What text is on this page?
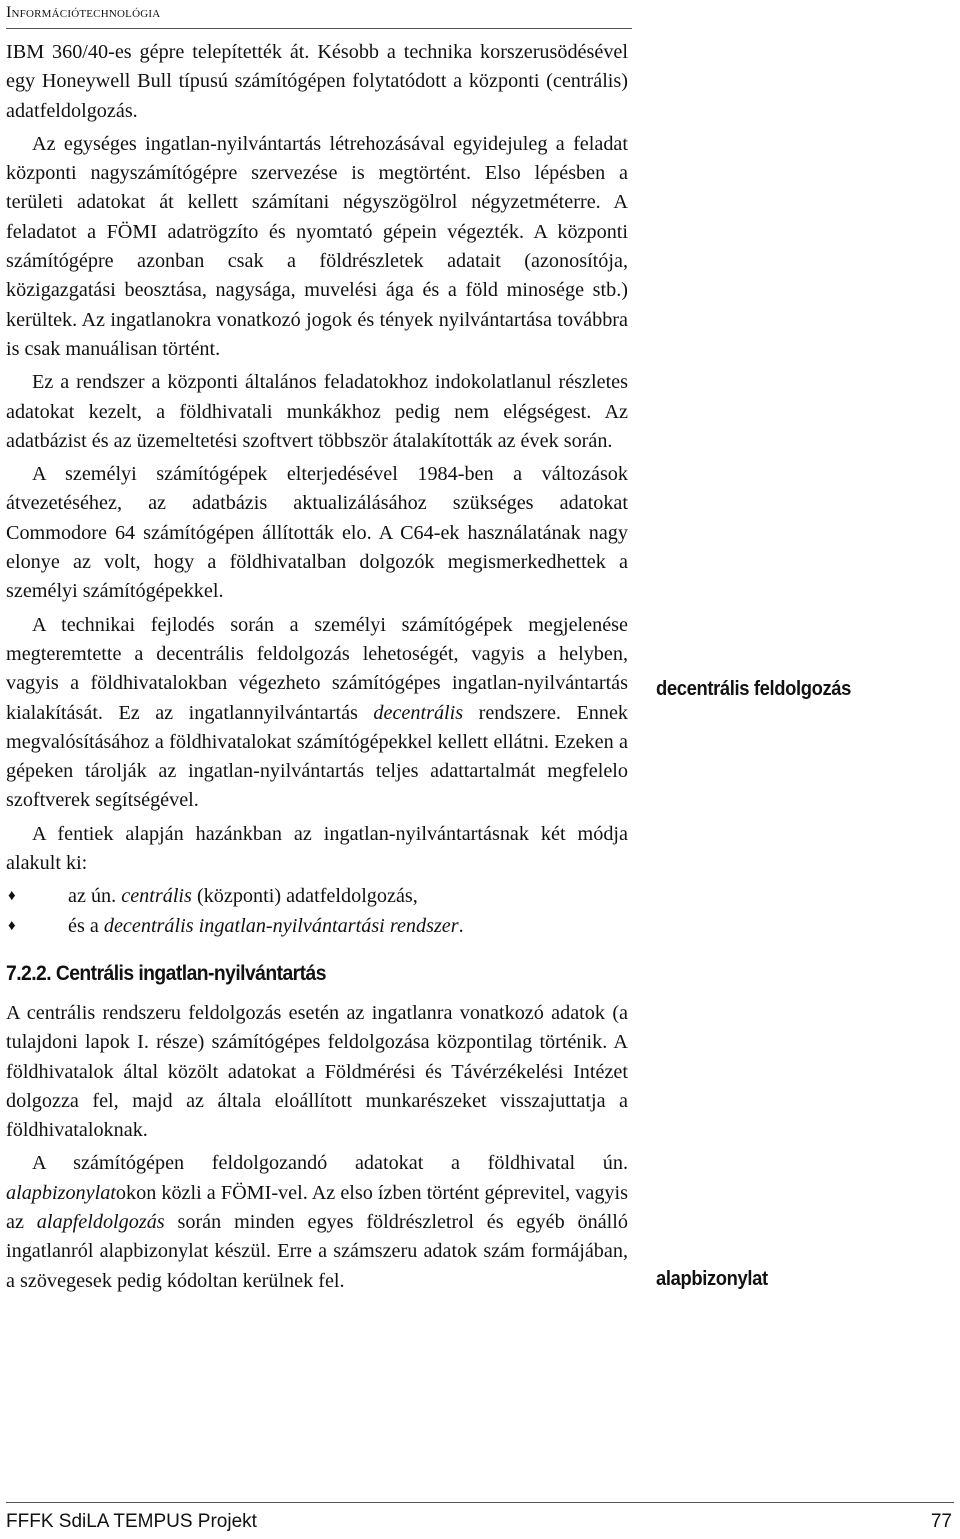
Információtechnológia

IBM 360/40-es gépre telepítették át. Késobb a technika korszerusödésével egy Honeywell Bull típusú számítógépen folytatódott a központi (centrális) adatfeldolgozás.

Az egységes ingatlan-nyilvántartás létrehozásával egyidejuleg a feladat központi nagyszámítógépre szervezése is megtörtént. Elso lépésben a területi adatokat át kellett számítani négyszögölrol négyzetméterre. A feladatot a FÖMI adatrögzíto és nyomtató gépein végezték. A központi számítógépre azonban csak a földrészletek adatait (azonosítója, közigazgatási beosztása, nagysága, muvelési ága és a föld minosége stb.) kerültek. Az ingatlanokra vonatkozó jogok és tények nyilvántartása továbbra is csak manuálisan történt.

Ez a rendszer a központi általános feladatokhoz indokolatlanul részletes adatokat kezelt, a földhivatali munkákhoz pedig nem elégségest. Az adatbázist és az üzemeltetési szoftvert többször átalakították az évek során.

A személyi számítógépek elterjedésével 1984-ben a változások átvezetéséhez, az adatbázis aktualizálásához szükséges adatokat Commodore 64 számítógépen állították elo. A C64-ek használatának nagy elonye az volt, hogy a földhivatalban dolgozók megismerkedhettek a személyi számítógépekkel.

A technikai fejlodés során a személyi számítógépek megjelenése megteremtette a decentrális feldolgozás lehetoségét, vagyis a helyben, vagyis a földhivatalokban végezheto számítógépes ingatlan-nyilvántartás kialakítását. Ez az ingatlannyilvántartás decentrális rendszere. Ennek megvalósításához a földhivatalokat számítógépekkel kellett ellátni. Ezeken a gépeken tárolják az ingatlan-nyilvántartás teljes adattartalmát megfelelo szoftverek segítségével.

A fentiek alapján hazánkban az ingatlan-nyilvántartásnak két módja alakult ki:

♦	az ún. centrális (központi) adatfeldolgozás,
♦	és a decentrális ingatlan-nyilvántartási rendszer.
7.2.2. Centrális ingatlan-nyilvántartás

A centrális rendszeru feldolgozás esetén az ingatlanra vonatkozó adatok (a tulajdoni lapok I. része) számítógépes feldolgozása központilag történik. A földhivatalok által közölt adatokat a Földmérési és Távérzékelési Intézet dolgozza fel, majd az általa eloállított munkarészeket visszajuttatja a földhivataloknak.

A számítógépen feldolgozandó adatokat a földhivatal ún. alapbizonylatokon közli a FÖMI-vel. Az elso ízben történt géprevitel, vagyis az alapfeldolgozás során minden egyes földrészletrol és egyéb önálló ingatlanról alapbizonylat készül. Erre a számszeru adatok szám formájában, a szövegesek pedig kódoltan kerülnek fel.

decentrális feldolgozás
alapbizonylat
FFFK SdiLA TEMPUS Projekt	77
